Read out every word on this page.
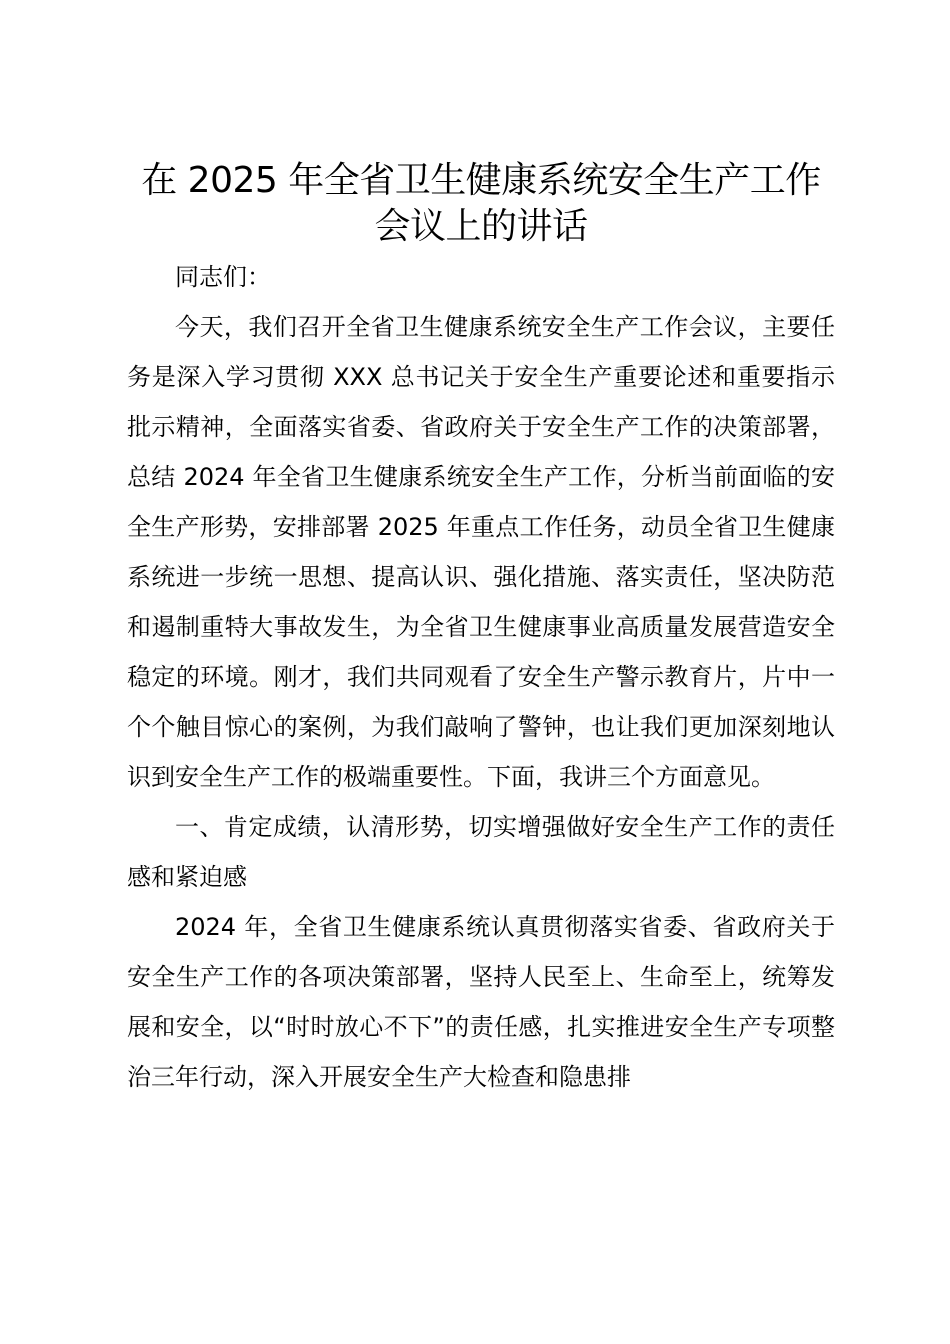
在 2025 年全省卫生健康系统安全生产工作会议上的讲话

同志们：

今天，我们召开全省卫生健康系统安全生产工作会议，主要任务是深入学习贯彻 XXX 总书记关于安全生产重要论述和重要指示批示精神，全面落实省委、省政府关于安全生产工作的决策部署，总结 2024 年全省卫生健康系统安全生产工作，分析当前面临的安全生产形势，安排部署 2025 年重点工作任务，动员全省卫生健康系统进一步统一思想、提高认识、强化措施、落实责任，坚决防范和遏制重特大事故发生，为全省卫生健康事业高质量发展营造安全稳定的环境。刚才，我们共同观看了安全生产警示教育片，片中一个个触目惊心的案例，为我们敲响了警钟，也让我们更加深刻地认识到安全生产工作的极端重要性。下面，我讲三个方面意见。

一、肯定成绩，认清形势，切实增强做好安全生产工作的责任感和紧迫感

2024 年，全省卫生健康系统认真贯彻落实省委、省政府关于安全生产工作的各项决策部署，坚持人民至上、生命至上，统筹发展和安全，以“时时放心不下”的责任感，扎实推进安全生产专项整治三年行动，深入开展安全生产大检查和隐患排
